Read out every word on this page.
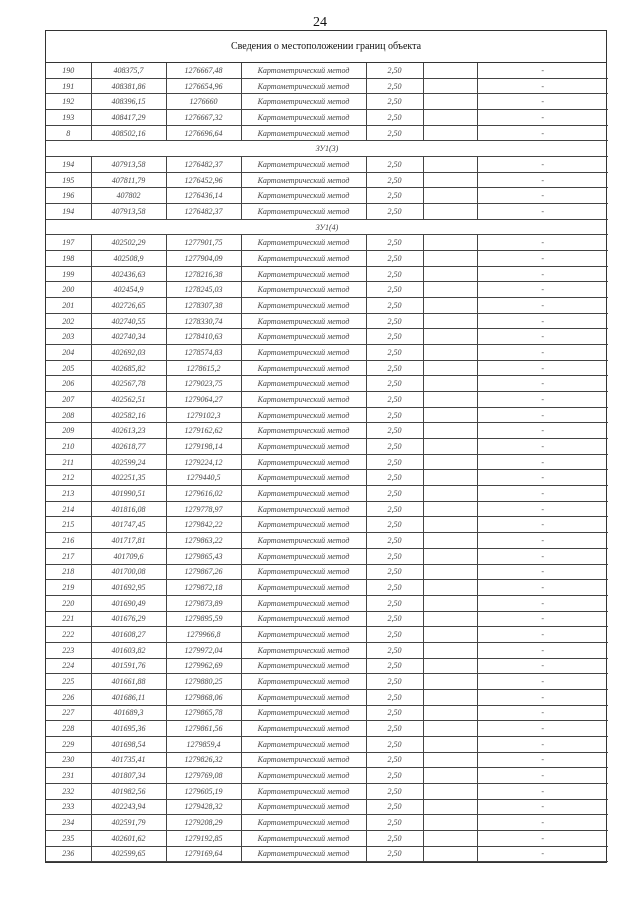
24
Сведения о местоположении границ объекта
190	408375,7	1276667,48	Картометрический метод	2,50		-
191	408381,86	1276654,96	Картометрический метод	2,50		-
192	408396,15	1276660	Картометрический метод	2,50		-
193	408417,29	1276667,32	Картометрический метод	2,50		-
8	408502,16	1276696,64	Картометрический метод	2,50		-
ЗУ1(3)						
194	407913,58	1276482,37	Картометрический метод	2,50		-
195	407811,79	1276452,96	Картометрический метод	2,50		-
196	407802	1276436,14	Картометрический метод	2,50		-
194	407913,58	1276482,37	Картометрический метод	2,50		-
ЗУ1(4)						
197	402502,29	1277901,75	Картометрический метод	2,50		-
198	402508,9	1277904,09	Картометрический метод	2,50		-
199	402436,63	1278216,38	Картометрический метод	2,50		-
200	402454,9	1278245,03	Картометрический метод	2,50		-
201	402726,65	1278307,38	Картометрический метод	2,50		-
202	402740,55	1278330,74	Картометрический метод	2,50		-
203	402740,34	1278410,63	Картометрический метод	2,50		-
204	402692,03	1278574,83	Картометрический метод	2,50		-
205	402685,82	1278615,2	Картометрический метод	2,50		-
206	402567,78	1279023,75	Картометрический метод	2,50		-
207	402562,51	1279064,27	Картометрический метод	2,50		-
208	402582,16	1279102,3	Картометрический метод	2,50		-
209	402613,23	1279162,62	Картометрический метод	2,50		-
210	402618,77	1279198,14	Картометрический метод	2,50		-
211	402599,24	1279224,12	Картометрический метод	2,50		-
212	402251,35	1279440,5	Картометрический метод	2,50		-
213	401990,51	1279616,02	Картометрический метод	2,50		-
214	401816,08	1279778,97	Картометрический метод	2,50		-
215	401747,45	1279842,22	Картометрический метод	2,50		-
216	401717,81	1279863,22	Картометрический метод	2,50		-
217	401709,6	1279865,43	Картометрический метод	2,50		-
218	401700,08	1279867,26	Картометрический метод	2,50		-
219	401692,95	1279872,18	Картометрический метод	2,50		-
220	401690,49	1279873,89	Картометрический метод	2,50		-
221	401676,29	1279895,59	Картометрический метод	2,50		-
222	401608,27	1279966,8	Картометрический метод	2,50		-
223	401603,82	1279972,04	Картометрический метод	2,50		-
224	401591,76	1279962,69	Картометрический метод	2,50		-
225	401661,88	1279880,25	Картометрический метод	2,50		-
226	401686,11	1279868,06	Картометрический метод	2,50		-
227	401689,3	1279865,78	Картометрический метод	2,50		-
228	401695,36	1279861,56	Картометрический метод	2,50		-
229	401698,54	1279859,4	Картометрический метод	2,50		-
230	401735,41	1279826,32	Картометрический метод	2,50		-
231	401807,34	1279769,08	Картометрический метод	2,50		-
232	401982,56	1279605,19	Картометрический метод	2,50		-
233	402243,94	1279428,32	Картометрический метод	2,50		-
234	402591,79	1279208,29	Картометрический метод	2,50		-
235	402601,62	1279192,85	Картометрический метод	2,50		-
236	402599,65	1279169,64	Картометрический метод	2,50		-
